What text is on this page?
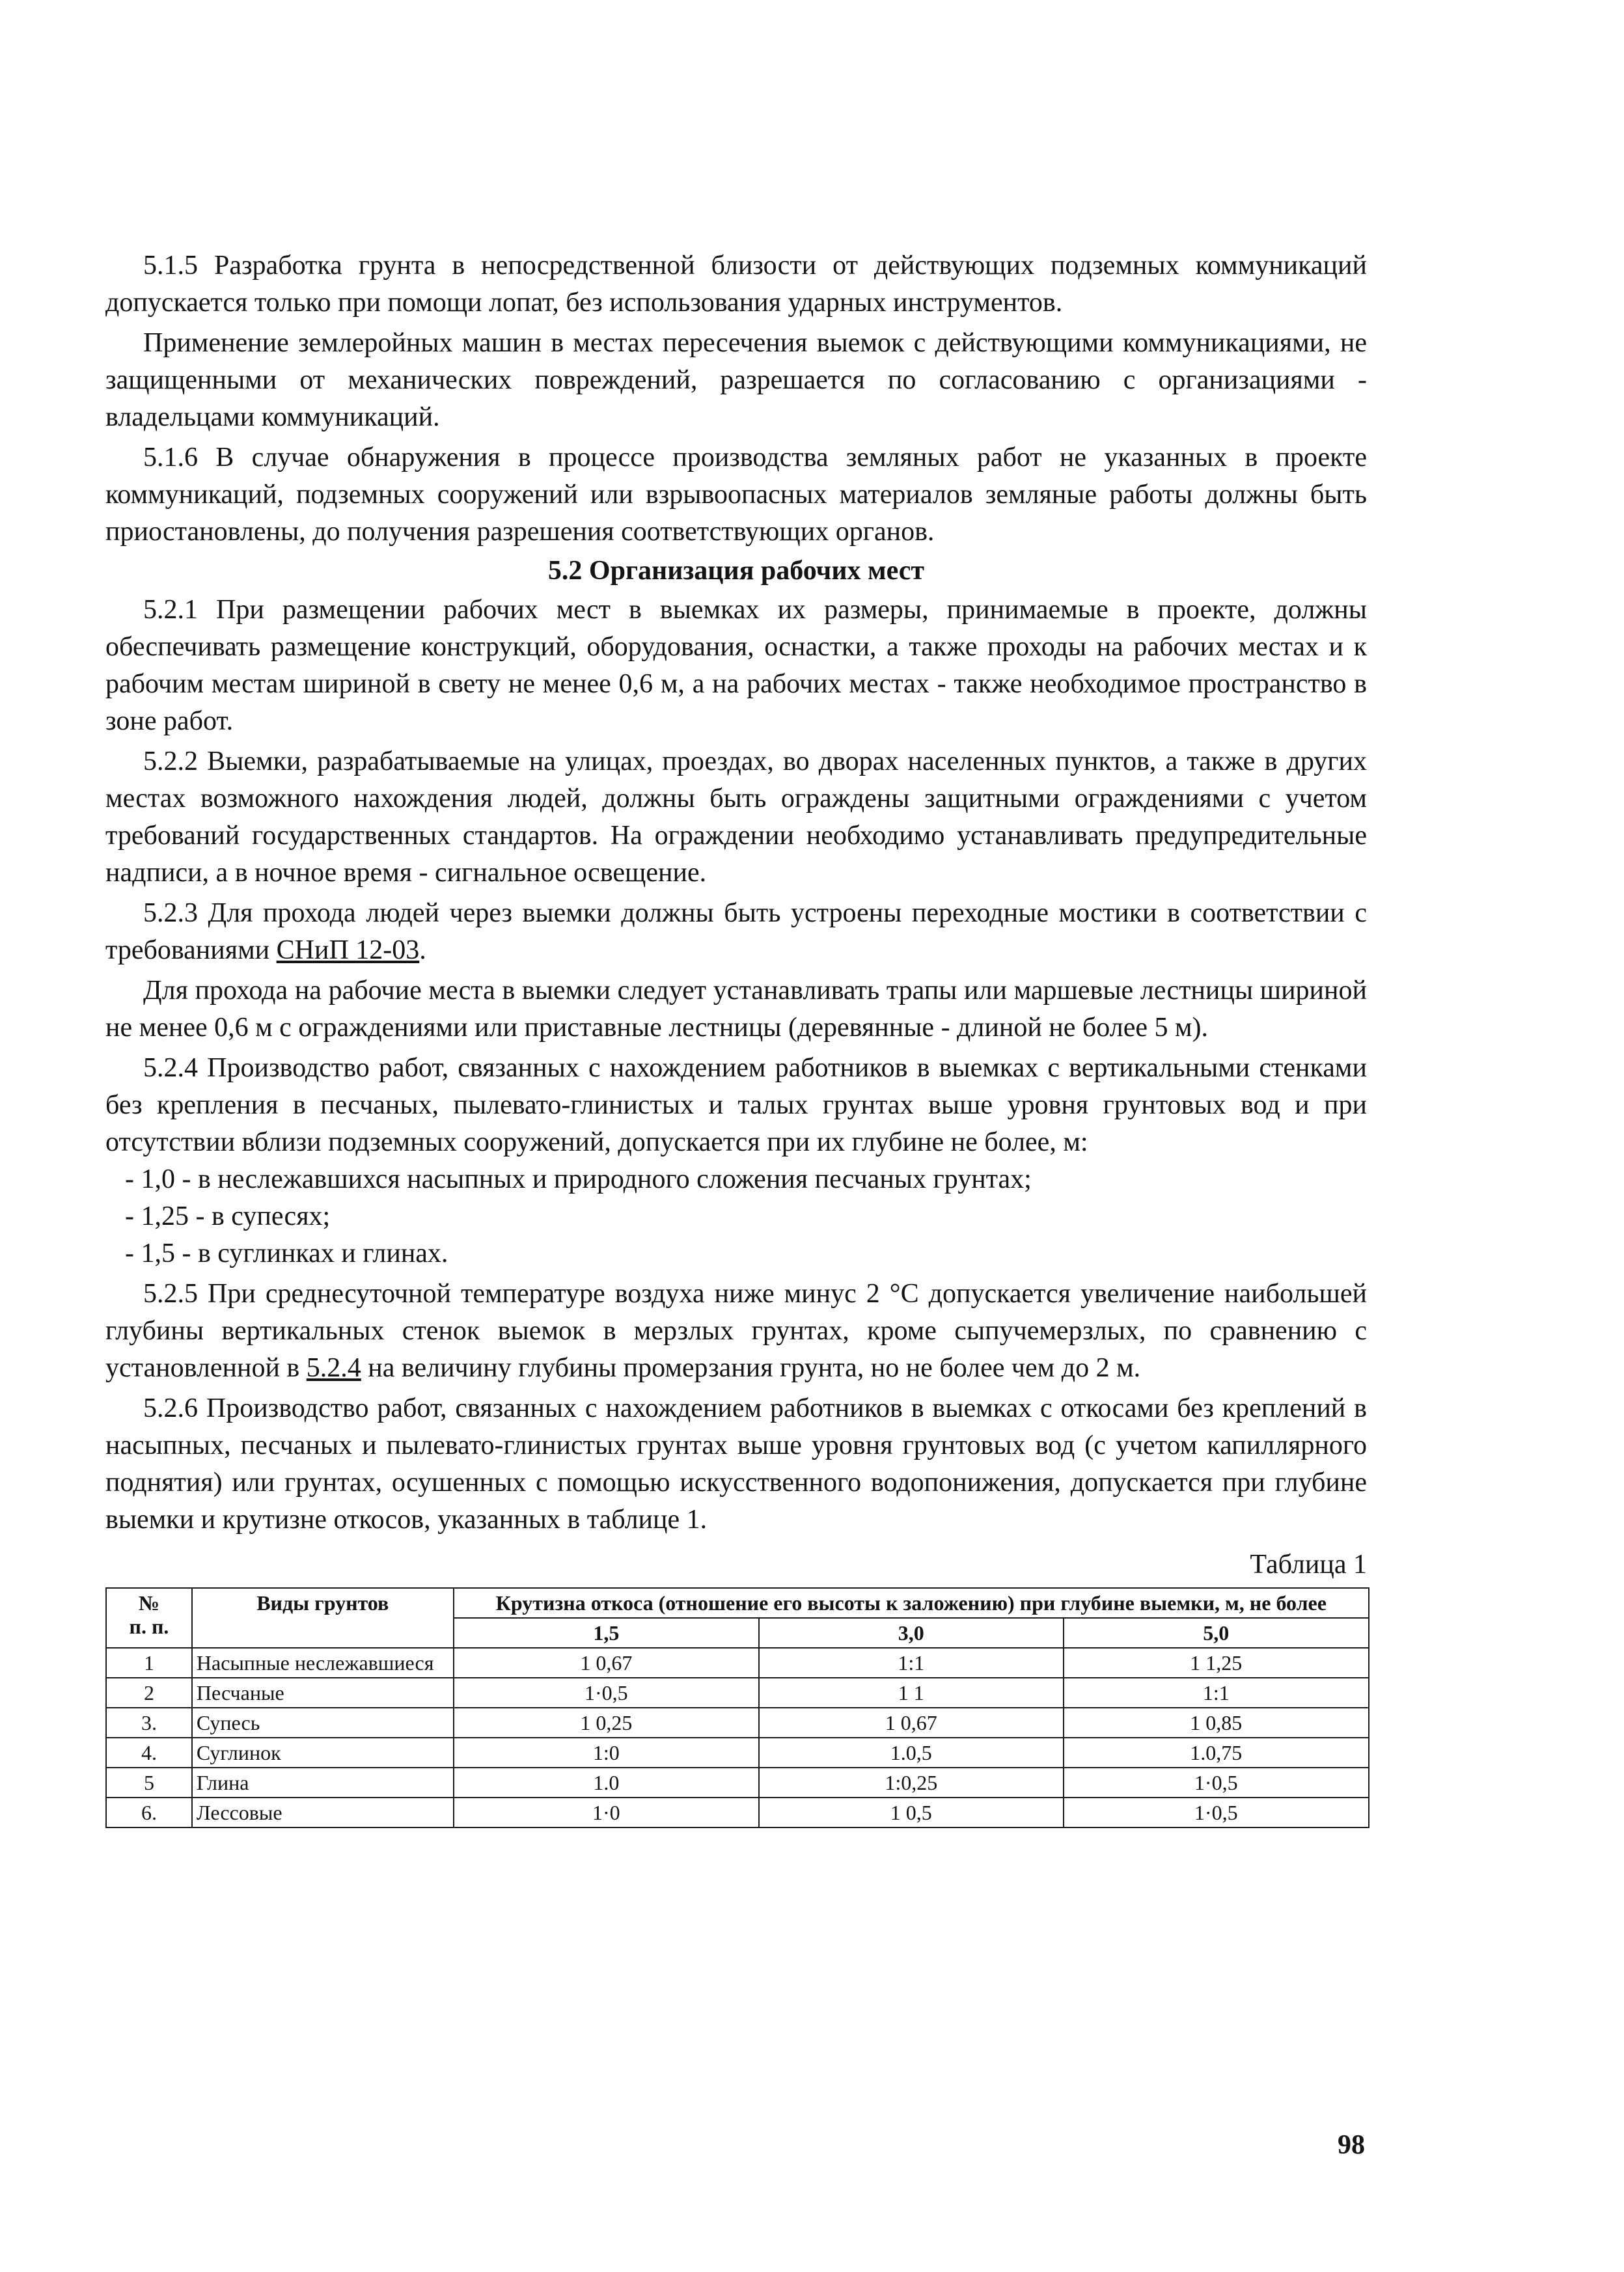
5.1.5 Разработка грунта в непосредственной близости от действующих подземных коммуникаций допускается только при помощи лопат, без использования ударных инструментов.

Применение землеройных машин в местах пересечения выемок с действующими коммуникациями, не защищенными от механических повреждений, разрешается по согласованию с организациями - владельцами коммуникаций.

5.1.6 В случае обнаружения в процессе производства земляных работ не указанных в проекте коммуникаций, подземных сооружений или взрывоопасных материалов земляные работы должны быть приостановлены, до получения разрешения соответствующих органов.

5.2 Организация рабочих мест

5.2.1 При размещении рабочих мест в выемках их размеры, принимаемые в проекте, должны обеспечивать размещение конструкций, оборудования, оснастки, а также проходы на рабочих местах и к рабочим местам шириной в свету не менее 0,6 м, а на рабочих местах - также необходимое пространство в зоне работ.

5.2.2 Выемки, разрабатываемые на улицах, проездах, во дворах населенных пунктов, а также в других местах возможного нахождения людей, должны быть ограждены защитными ограждениями с учетом требований государственных стандартов. На ограждении необходимо устанавливать предупредительные надписи, а в ночное время - сигнальное освещение.

5.2.3 Для прохода людей через выемки должны быть устроены переходные мостики в соответствии с требованиями СНиП 12-03.

Для прохода на рабочие места в выемки следует устанавливать трапы или маршевые лестницы шириной не менее 0,6 м с ограждениями или приставные лестницы (деревянные - длиной не более 5 м).

5.2.4 Производство работ, связанных с нахождением работников в выемках с вертикальными стенками без крепления в песчаных, пылевато-глинистых и талых грунтах выше уровня грунтовых вод и при отсутствии вблизи подземных сооружений, допускается при их глубине не более, м:

- 1,0 - в неслежавшихся насыпных и природного сложения песчаных грунтах;

- 1,25 - в супесях;

- 1,5 - в суглинках и глинах.

5.2.5 При среднесуточной температуре воздуха ниже минус 2 °С допускается увеличение наибольшей глубины вертикальных стенок выемок в мерзлых грунтах, кроме сыпучемерзлых, по сравнению с установленной в 5.2.4 на величину глубины промерзания грунта, но не более чем до 2 м.

5.2.6 Производство работ, связанных с нахождением работников в выемках с откосами без креплений в насыпных, песчаных и пылевато-глинистых грунтах выше уровня грунтовых вод (с учетом капиллярного поднятия) или грунтах, осушенных с помощью искусственного водопонижения, допускается при глубине выемки и крутизне откосов, указанных в таблице 1.

Таблица 1
№
п. п.	Виды грунтов	Крутизна откоса (отношение его высоты к заложению) при глубине выемки, м, не более		
		1,5	3,0	5,0
1	Насыпные неслежавшиеся	1 0,67	1:1	1 1,25
2	Песчаные	1·0,5	1 1	1:1
3.	Супесь	1 0,25	1 0,67	1 0,85
4.	Суглинок	1:0	1.0,5	1.0,75
5	Глина	1.0	1:0,25	1·0,5
6.	Лессовые	1·0	1 0,5	1·0,5
98
